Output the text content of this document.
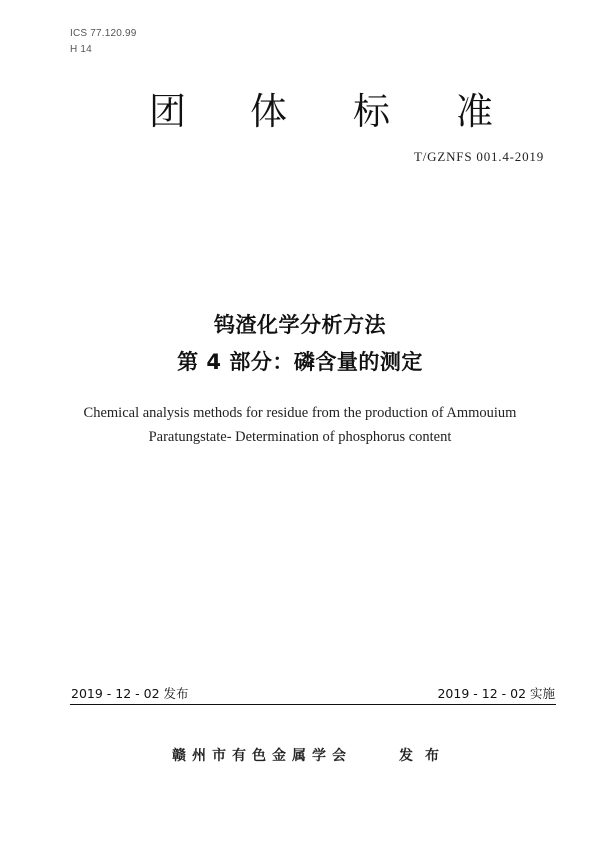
ICS 77.120.99
H 14
团 体 标 准
T/GZNFS 001.4-2019
钨渣化学分析方法
第 4 部分：磷含量的测定
Chemical analysis methods for residue from the production of Ammouium
Paratungstate- Determination of phosphorus content
2019 - 12 - 02 发布	2019 - 12 - 02 实施
赣州市有色金属学会	发布
